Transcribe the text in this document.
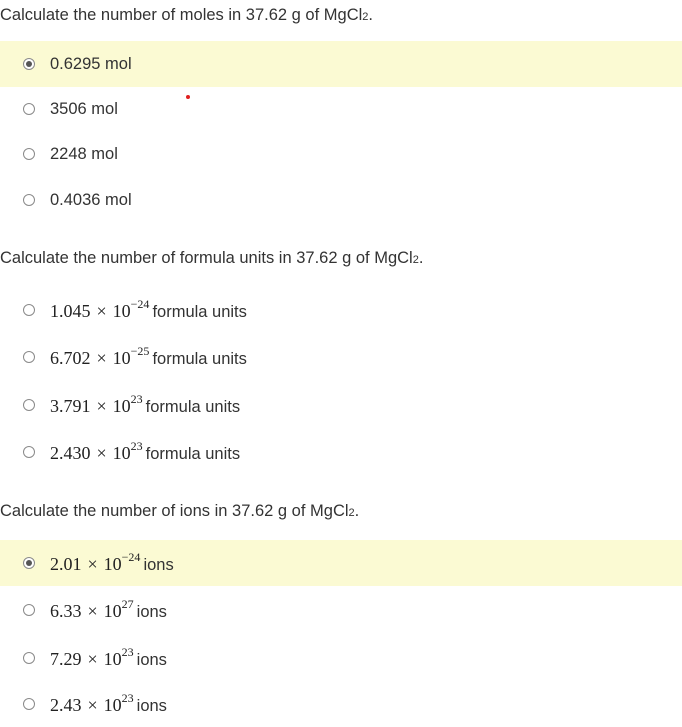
Calculate the number of moles in 37.62 g of MgCl2.
0.6295 mol
3506 mol
2248 mol
0.4036 mol
Calculate the number of formula units in 37.62 g of MgCl2.
$1.045 \times 10^{-24}$ formula units
$6.702 \times 10^{-25}$ formula units
$3.791 \times 10^{23}$ formula units
$2.430 \times 10^{23}$ formula units
Calculate the number of ions in 37.62 g of MgCl2.
$2.01 \times 10^{-24}$ ions
$6.33 \times 10^{27}$ ions
$7.29 \times 10^{23}$ ions
$2.43 \times 10^{23}$ ions
